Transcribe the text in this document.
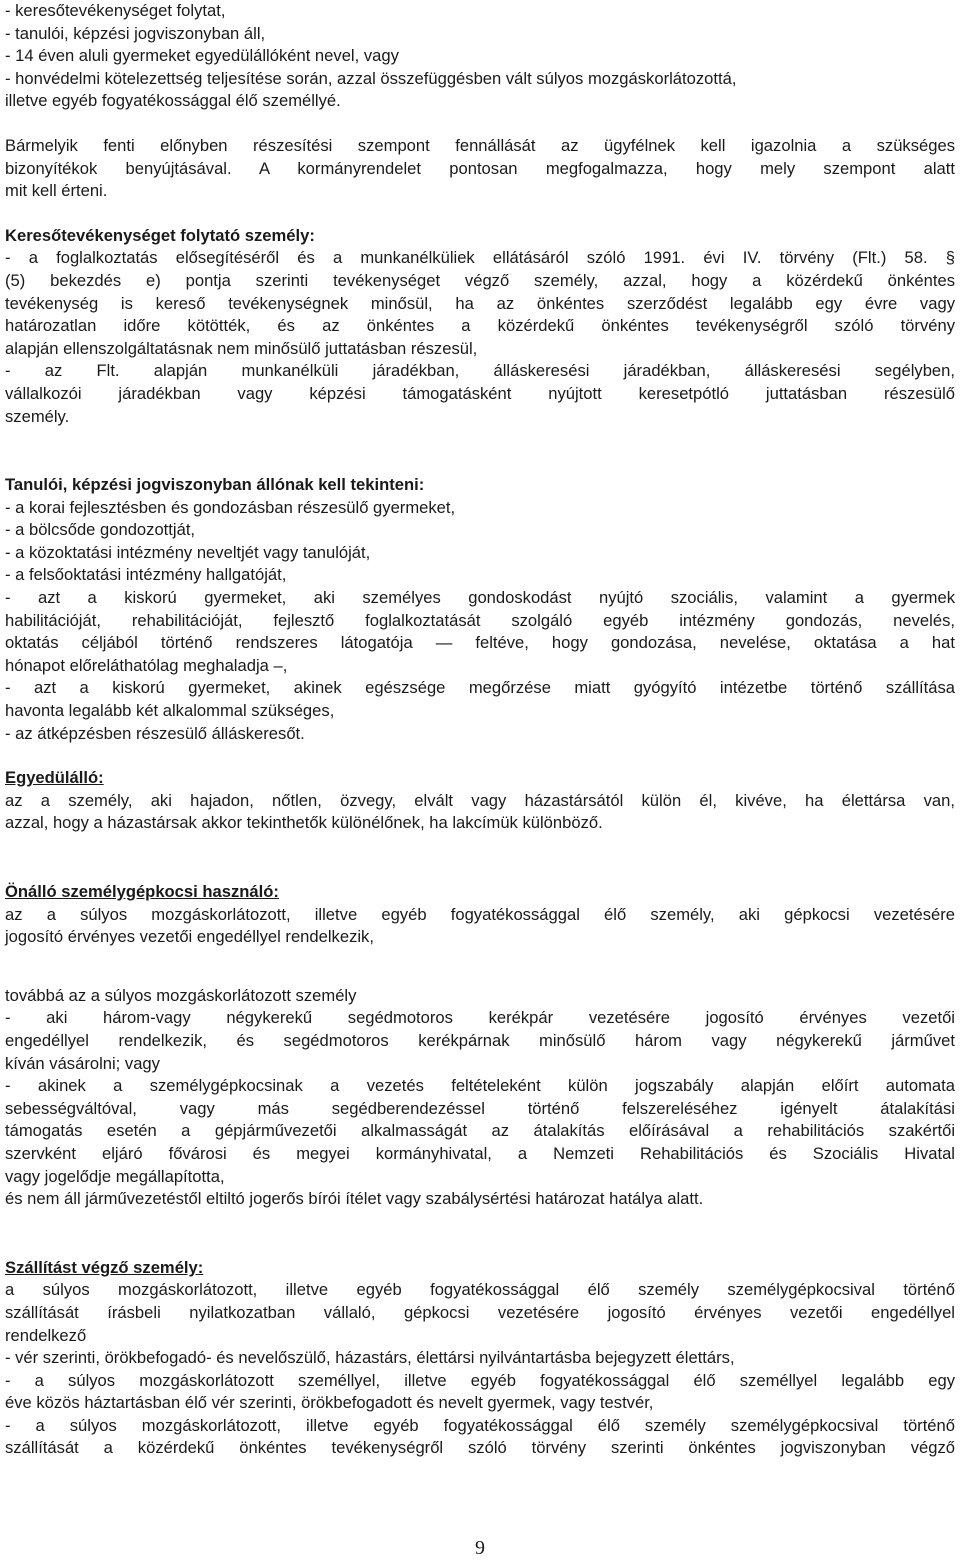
- keresőtevékenységet folytat,
- tanulói, képzési jogviszonyban áll,
- 14 éven aluli gyermeket egyedülállóként nevel, vagy
- honvédelmi kötelezettség teljesítése során, azzal összefüggésben vált súlyos mozgáskorlátozottá,
illetve egyéb fogyatékossággal élő személlyé.
Bármelyik fenti előnyben részesítési szempont fennállását az ügyfélnek kell igazolnia a szükséges
bizonyítékok benyújtásával. A kormányrendelet pontosan megfogalmazza, hogy mely szempont alatt
mit kell érteni.
Keresőtevékenységet folytató személy:
- a foglalkoztatás elősegítéséről és a munkanélküliek ellátásáról szóló 1991. évi IV. törvény (Flt.) 58. §
(5) bekezdés e) pontja szerinti tevékenységet végző személy, azzal, hogy a közérdekű önkéntes
tevékenység is kereső tevékenységnek minősül, ha az önkéntes szerződést legalább egy évre vagy
határozatlan időre kötötték, és az önkéntes a közérdekű önkéntes tevékenységről szóló törvény
alapján ellenszolgáltatásnak nem minősülő juttatásban részesül,
- az Flt. alapján munkanélküli járadékban, álláskeresési járadékban, álláskeresési segélyben,
vállalkozói járadékban vagy képzési támogatásként nyújtott keresetpótló juttatásban részesülő
személy.
Tanulói, képzési jogviszonyban állónak kell tekinteni:
- a korai fejlesztésben és gondozásban részesülő gyermeket,
- a bölcsőde gondozottját,
- a közoktatási intézmény neveltjét vagy tanulóját,
- a felsőoktatási intézmény hallgatóját,
- azt a kiskorú gyermeket, aki személyes gondoskodást nyújtó szociális, valamint a gyermek
habilitációját, rehabilitációját, fejlesztő foglalkoztatását szolgáló egyéb intézmény gondozás, nevelés,
oktatás céljából történő rendszeres látogatója — feltéve, hogy gondozása, nevelése, oktatása a hat
hónapot előreláthatólag meghaladja –,
- azt a kiskorú gyermeket, akinek egészsége megőrzése miatt gyógyító intézetbe történő szállítása
havonta legalább két alkalommal szükséges,
- az átképzésben részesülő álláskeresőt.
Egyedülálló:
az a személy, aki hajadon, nőtlen, özvegy, elvált vagy házastársától külön él, kivéve, ha élettársa van,
azzal, hogy a házastársak akkor tekinthetők különélőnek, ha lakcímük különböző.
Önálló személygépkocsi használó:
az a súlyos mozgáskorlátozott, illetve egyéb fogyatékossággal élő személy, aki gépkocsi vezetésére
jogosító érvényes vezetői engedéllyel rendelkezik,
továbbá az a súlyos mozgáskorlátozott személy
- aki három-vagy négykerekű segédmotoros kerékpár vezetésére jogosító érvényes vezetői
engedéllyel rendelkezik, és segédmotoros kerékpárnak minősülő három vagy négykerekű járművet
kíván vásárolni; vagy
- akinek a személygépkocsinak a vezetés feltételeként külön jogszabály alapján előírt automata
sebességváltóval, vagy más segédberendezéssel történő felszereléséhez igényelt átalakítási
támogatás esetén a gépjárművezetői alkalmasságát az átalakítás előírásával a rehabilitációs szakértői
szervként eljáró fővárosi és megyei kormányhivatal, a Nemzeti Rehabilitációs és Szociális Hivatal
vagy jogelődje megállapította,
és nem áll járművezetéstől eltiltó jogerős bírói ítélet vagy szabálysértési határozat hatálya alatt.
Szállítást végző személy:
a súlyos mozgáskorlátozott, illetve egyéb fogyatékossággal élő személy személygépkocsival történő
szállítását írásbeli nyilatkozatban vállaló, gépkocsi vezetésére jogosító érvényes vezetői engedéllyel
rendelkező
- vér szerinti, örökbefogadó- és nevelőszülő, házastárs, élettársi nyilvántartásba bejegyzett élettárs,
- a súlyos mozgáskorlátozott személlyel, illetve egyéb fogyatékossággal élő személlyel legalább egy
éve közös háztartásban élő vér szerinti, örökbefogadott és nevelt gyermek, vagy testvér,
- a súlyos mozgáskorlátozott, illetve egyéb fogyatékossággal élő személy személygépkocsival történő
szállítását a közérdekű önkéntes tevékenységről szóló törvény szerinti önkéntes jogviszonyban végző
9
